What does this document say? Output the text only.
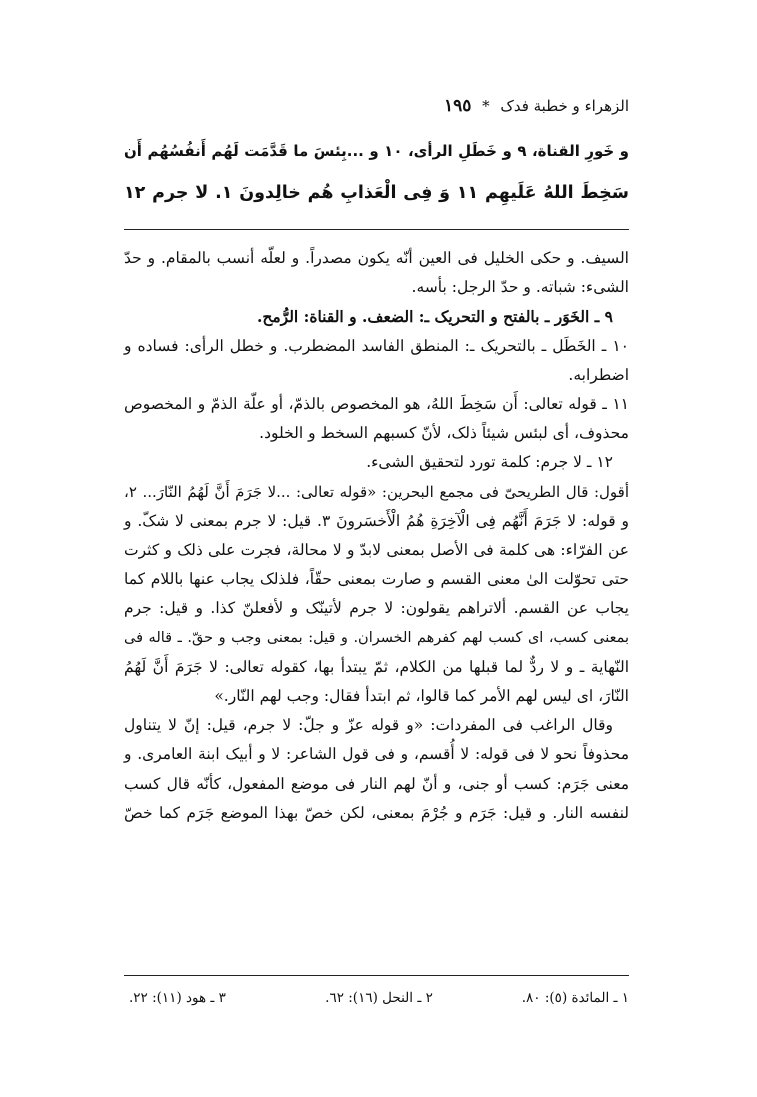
الزهراء و خطبة فدک * ١٩٥
و خَورِ القناة، ٩ و خَطَلِ الرأی، ١٠ و ...بِئسَ ما قَدَّمَت لَهُم أَنفُسُهُم أَن
سَخِطَ اللهُ عَلَيهِم ١١ وَ فِی الْعَذابِ هُم خالِدونَ ١. لا جرم ١٢
السیف. و حکی الخلیل فی العین أنّه یکون مصدراً. و لعلّه أنسب بالمقام. و حدّ
الشیء: شباته. و حدّ الرجل: بأسه.
٩ ـ الخَوَر ـ بالفتح و التحریک ـ: الضعف. و القناة: الرُّمح.
١٠ ـ الخَطَل ـ بالتحریک ـ: المنطق الفاسد المضطرب. و خطل الرأی: فساده و
اضطرابه.
١١ ـ قوله تعالی: أَن سَخِطَ اللهُ، هو المخصوص بالذمّ، أو علّة الذمّ و المخصوص
محذوف، أی لبئس شیئاً ذلک، لأنّ کسبهم السخط و الخلود.
١٢ ـ لا جرم: کلمة تورد لتحقیق الشیء.
أقول: قال الطریحیّ فی مجمع البحرین: «قوله تعالی: ...لا جَرَمَ أَنَّ لَهُمُ النّارَ... ٢،
و قوله: لا جَرَمَ أَنَّهُم فِی الْآخِرَةِ هُمُ الْأَخسَرونَ ٣. قیل: لا جرم بمعنی لا شکّ. و
عن الفرّاء: هی کلمة فی الأصل بمعنی لابدّ و لا محالة، فجرت علی ذلک و کثرت
حتی تحوّلت الیٰ معنی القسم و صارت بمعنی حقّاً، فلذلک یجاب عنها باللام کما
یجاب عن القسم. ألاتراهم یقولون: لا جرم لأتینّک و لأفعلنّ کذا. و قیل: جرم
بمعنی کسب، ای کسب لهم کفرهم الخسران. و قیل: بمعنی وجب و حقّ. ـ قاله فی
النّهایة ـ و لا ردٌّ لما قبلها من الکلام، ثمّ یبتدأ بها، کقوله تعالی: لا جَرَمَ أَنَّ لَهُمُ
النّارَ، ای لیس لهم الأمر کما قالوا، ثم ابتدأ فقال: وجب لهم النّار.»
وقال الراغب فی المفردات: «و قوله عزّ و جلّ: لا جرم، قیل: إنّ لا یتناول
محذوفاً نحو لا فی قوله: لا أُقسم، و فی قول الشاعر: لا و أبیک ابنة العامری. و
معنی جَرَم: کسب أو جنی، و أنّ لهم النار فی موضع المفعول، کأنّه قال کسب
لنفسه النار. و قیل: جَرَم و جُرْمَ بمعنی، لکن خصّ بهذا الموضع جَرَم کما خصّ
١ ـ المائدة (٥): ٨٠.٢ ـ النحل (١٦): ٦٢.٣ ـ هود (١١): ٢٢.
